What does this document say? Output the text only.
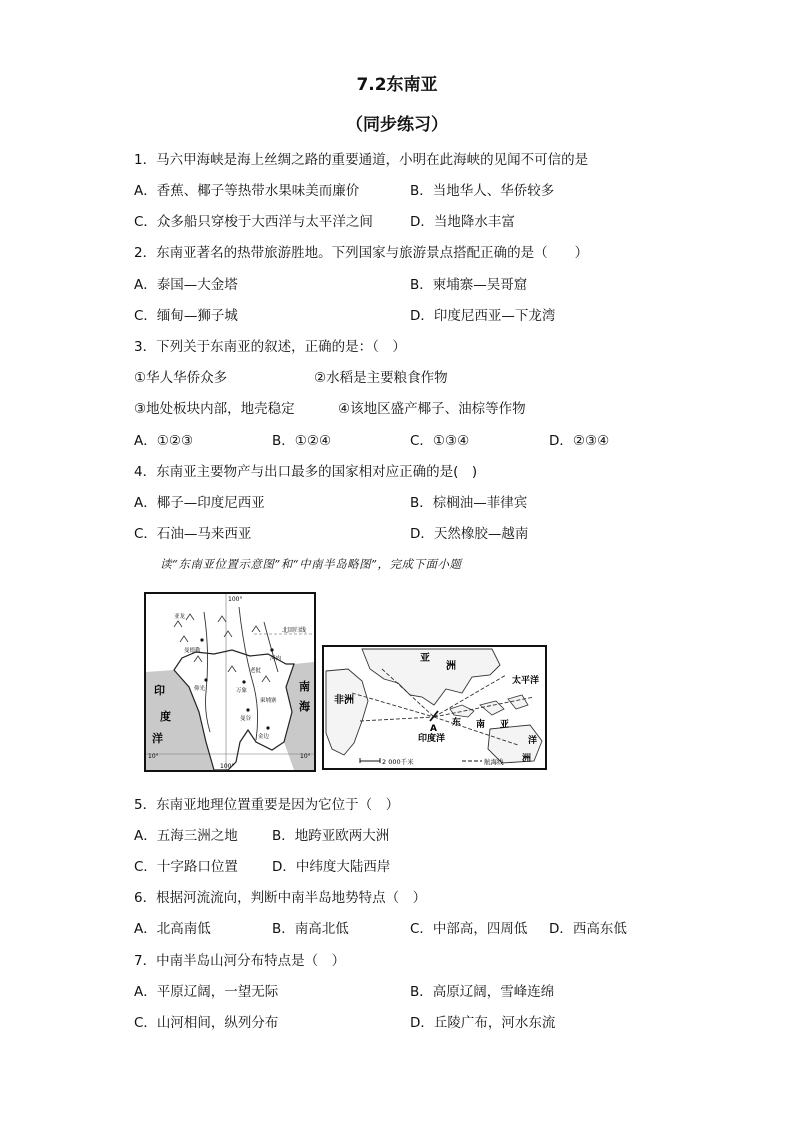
7.2东南亚
（同步练习）
1．马六甲海峡是海上丝绸之路的重要通道，小明在此海峡的见闻不可信的是
A．香蕉、椰子等热带水果味美而廉价	B．当地华人、华侨较多
C．众多船只穿梭于大西洋与太平洋之间	D．当地降水丰富
2．东南亚著名的热带旅游胜地。下列国家与旅游景点搭配正确的是（　　）
A．泰国—大金塔	B．柬埔寨—吴哥窟
C．缅甸—狮子城	D．印度尼西亚—下龙湾
3．下列关于东南亚的叙述，正确的是：（　）
①华人华侨众多	②水稻是主要粮食作物
③地处板块内部，地壳稳定	④该地区盛产椰子、油棕等作物
A．①②③	B．①②④	C．①③④	D．②③④
4．东南亚主要物产与出口最多的国家相对应正确的是(　)
A．椰子—印度尼西亚	B．棕榈油—菲律宾
C．石油—马来西亚	D．天然橡胶—越南
读“东南亚位置示意图”和“中南半岛略图”，完成下面小题
100°
100°
10°	10°
北回归线
印
度
洋
南
海
亚龙
曼德勒
仰光	万象
曼谷
金边
河内
老挝
柬埔寨
亚
洲
非洲
太平洋
东 南 亚
洋
洲
印度洋
A
2 000千米	航海线
5．东南亚地理位置重要是因为它位于（　）
A．五海三洲之地	B．地跨亚欧两大洲
C．十字路口位置	D．中纬度大陆西岸
6．根据河流流向，判断中南半岛地势特点（　）
A．北高南低	B．南高北低	C．中部高，四周低 D．西高东低
7．中南半岛山河分布特点是（　）
A．平原辽阔，一望无际	B．高原辽阔，雪峰连绵
C．山河相间，纵列分布	D．丘陵广布，河水东流
